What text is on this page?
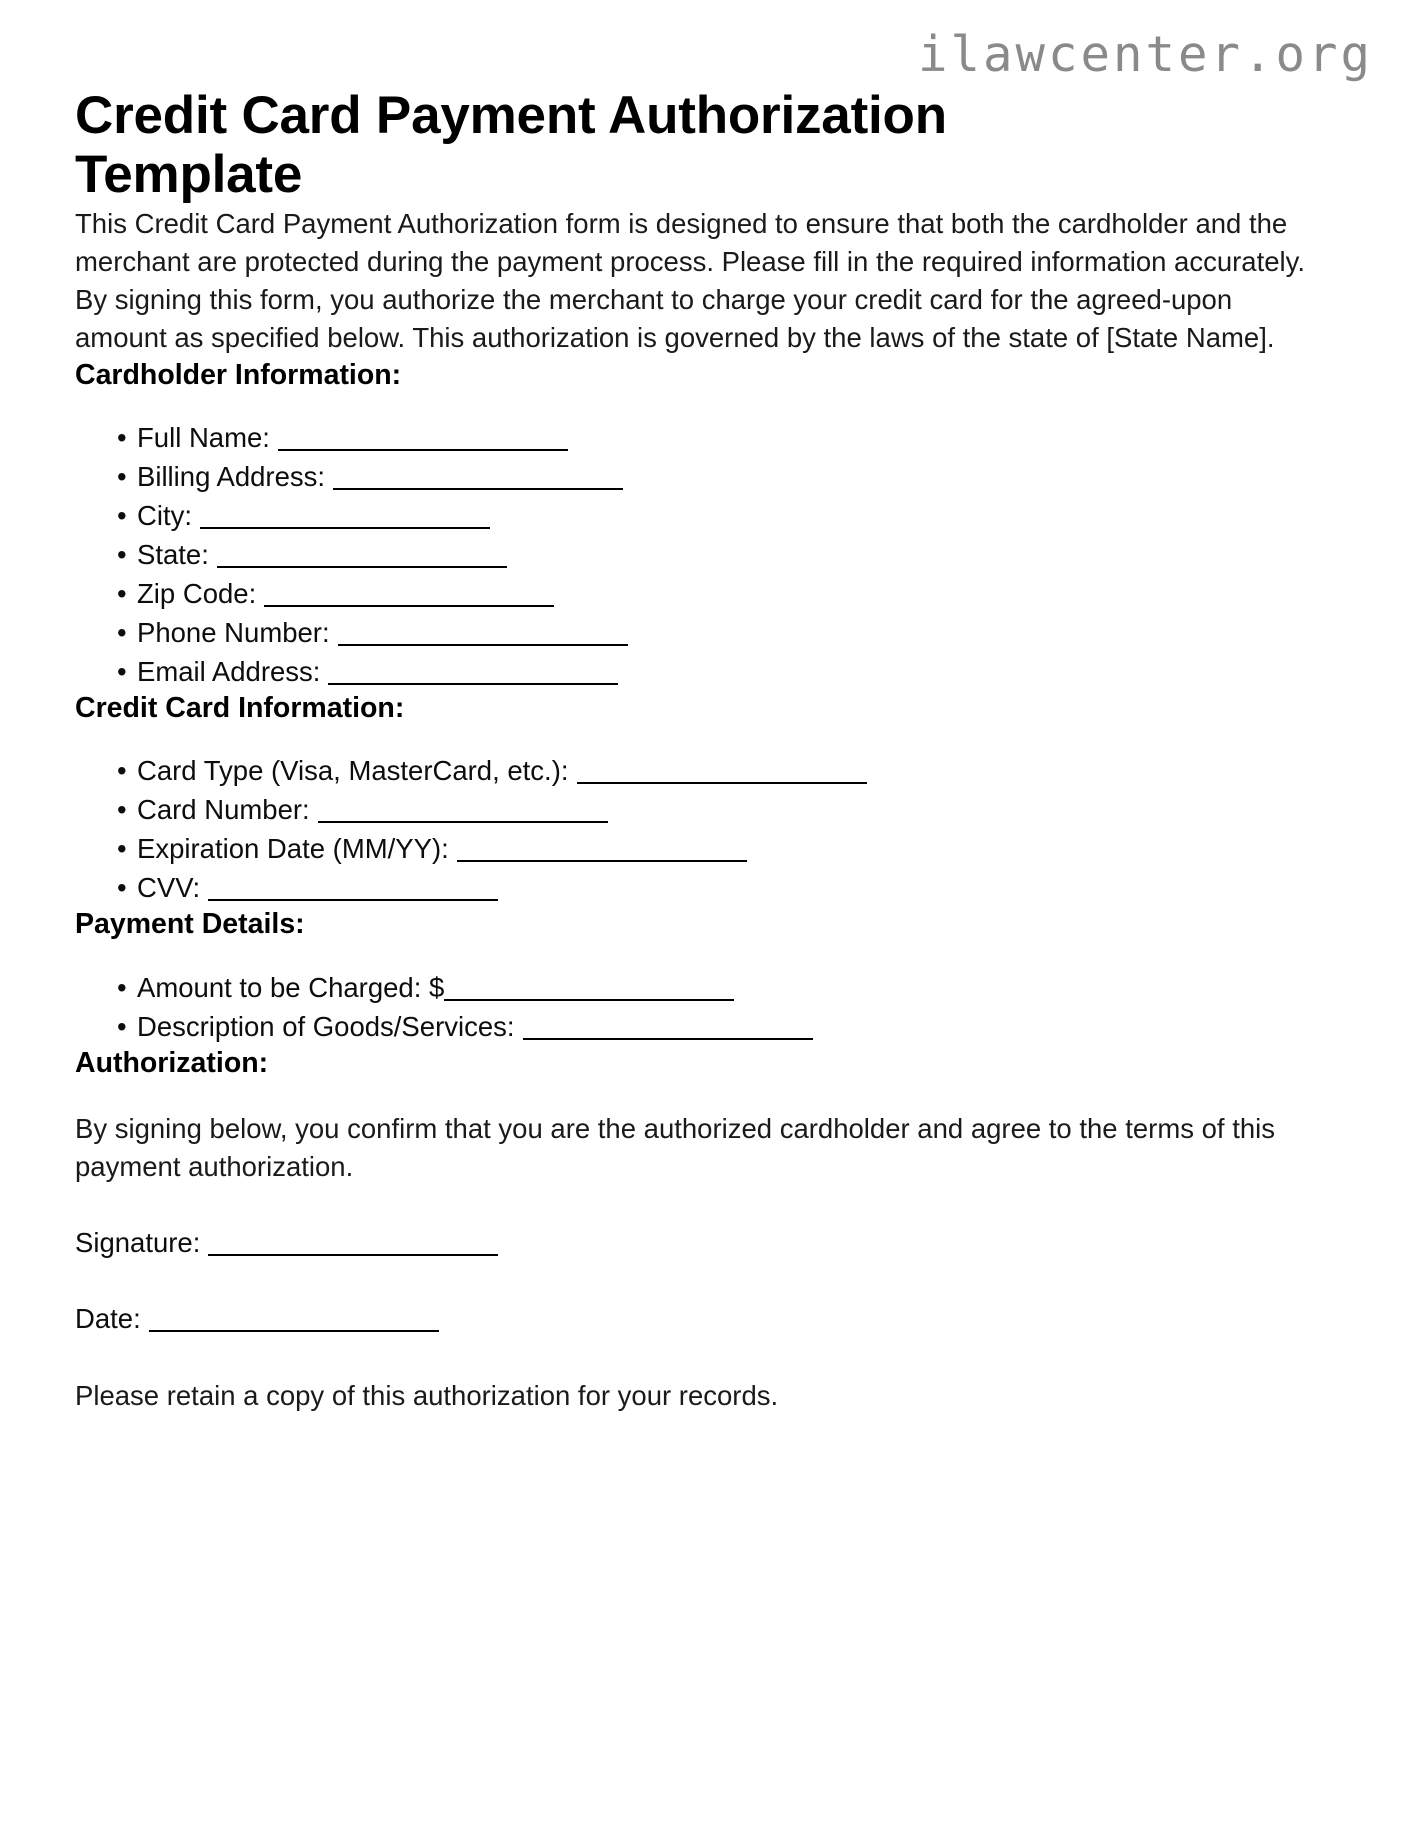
ilawcenter.org
Credit Card Payment Authorization Template

This Credit Card Payment Authorization form is designed to ensure that both the cardholder and the merchant are protected during the payment process. Please fill in the required information accurately.

By signing this form, you authorize the merchant to charge your credit card for the agreed-upon amount as specified below. This authorization is governed by the laws of the state of [State Name].

Cardholder Information:
• Full Name:
• Billing Address:
• City:
• State:
• Zip Code:
• Phone Number:
• Email Address:
Credit Card Information:
• Card Type (Visa, MasterCard, etc.):
• Card Number:
• Expiration Date (MM/YY):
• CVV:
Payment Details:
• Amount to be Charged: $
• Description of Goods/Services:
Authorization:

By signing below, you confirm that you are the authorized cardholder and agree to the terms of this payment authorization.

Signature:

Date:

Please retain a copy of this authorization for your records.
